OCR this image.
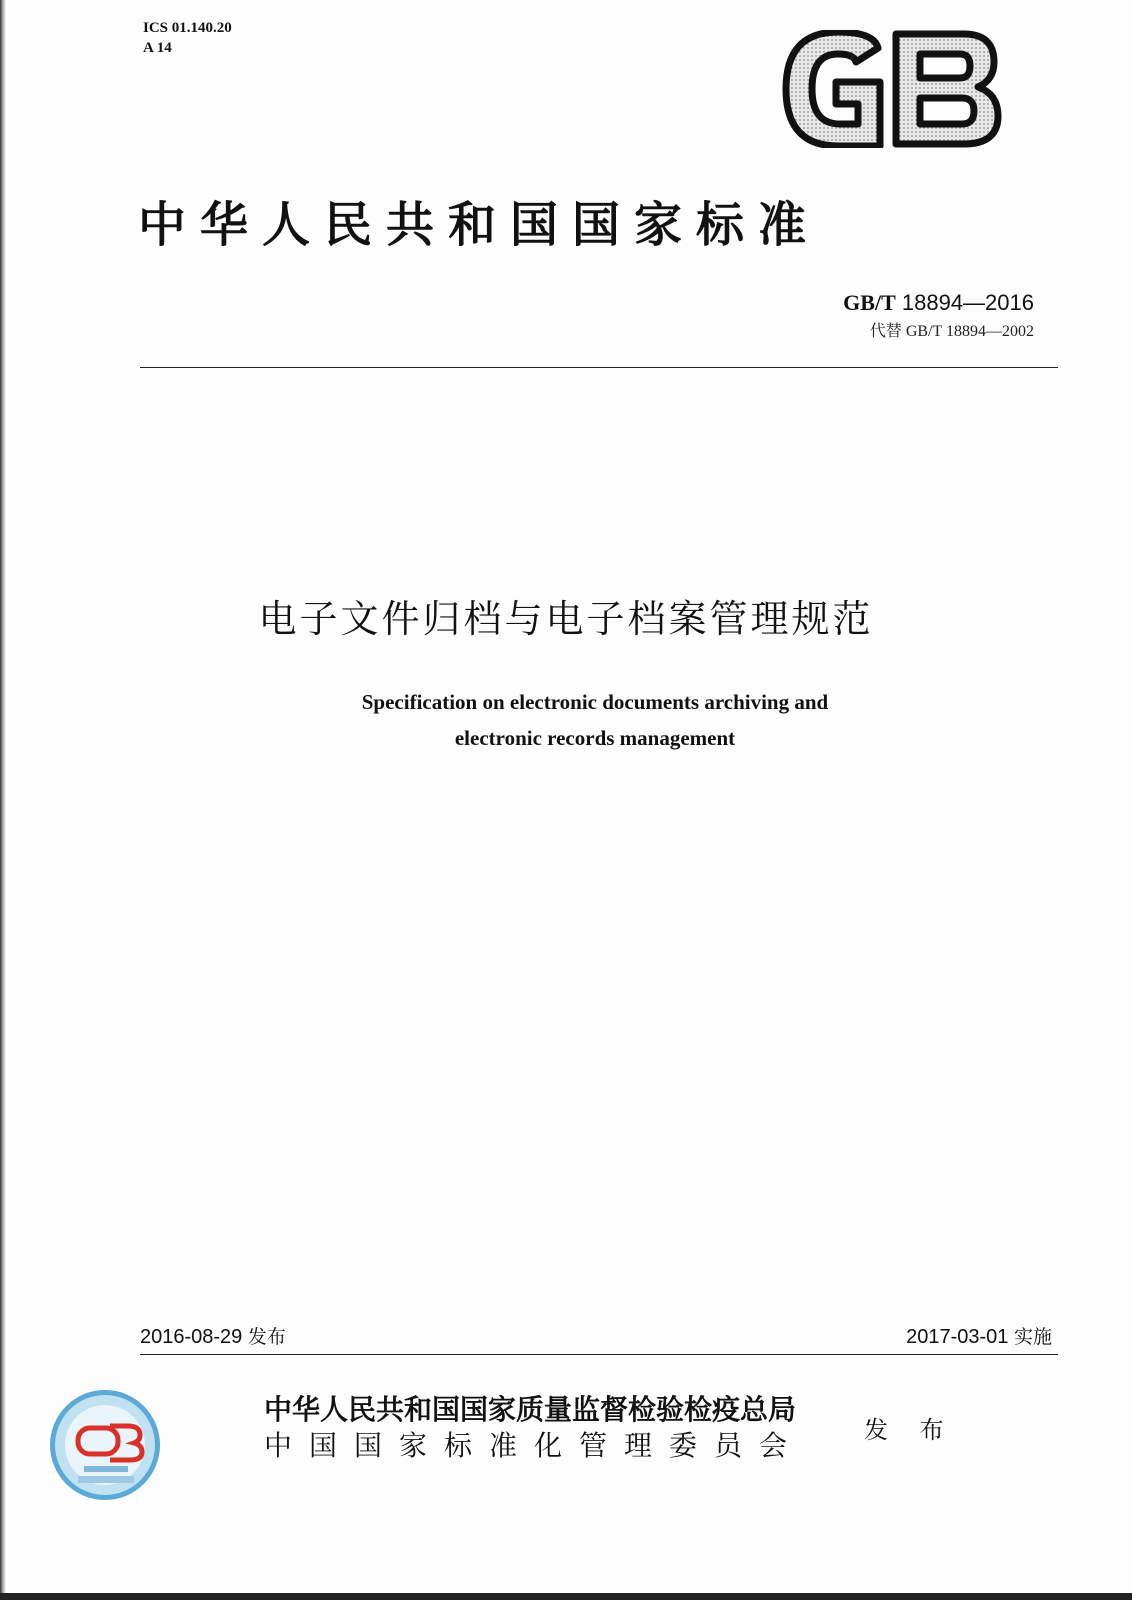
ICS 01.140.20
A 14
中华人民共和国国家标准
GB/T 18894—2016
代替 GB/T 18894—2002
电子文件归档与电子档案管理规范
Specification on electronic documents archiving and
electronic records management
2016-08-29 发布	2017-03-01 实施
中华人民共和国国家质量监督检验检疫总局
中国国家标准化管理委员会 发 布
